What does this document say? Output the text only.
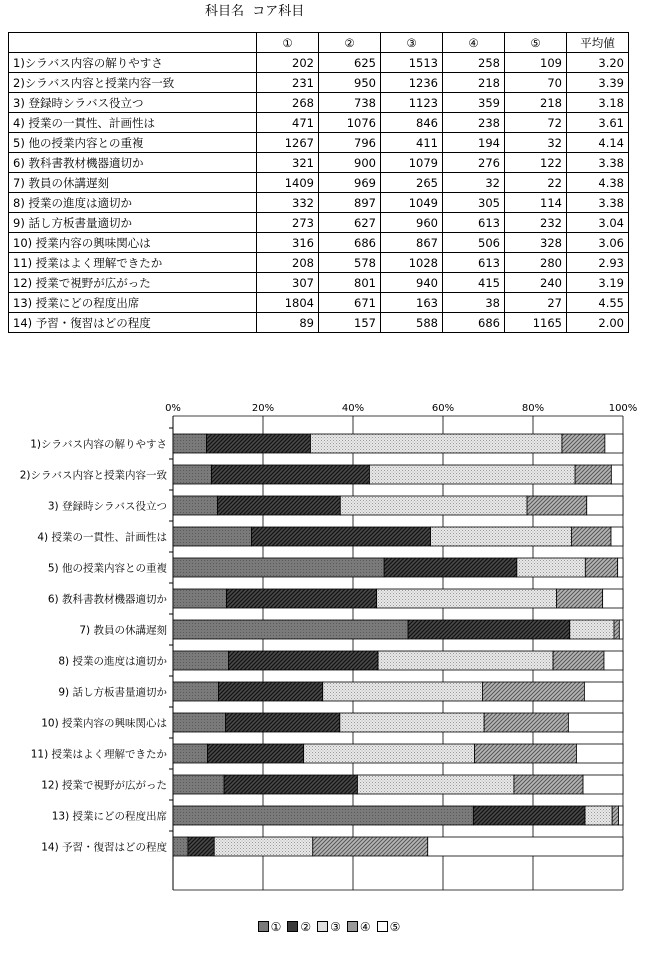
科目名 コア科目
	①	②	③	④	⑤	平均値
1)シラバス内容の解りやすさ	202	625	1513	258	109	3.20
2)シラバス内容と授業内容一致	231	950	1236	218	70	3.39
3) 登録時シラバス役立つ	268	738	1123	359	218	3.18
4) 授業の一貫性、計画性は	471	1076	846	238	72	3.61
5) 他の授業内容との重複	1267	796	411	194	32	4.14
6) 教科書教材機器適切か	321	900	1079	276	122	3.38
7) 教員の休講遅刻	1409	969	265	32	22	4.38
8) 授業の進度は適切か	332	897	1049	305	114	3.38
9) 話し方板書量適切か	273	627	960	613	232	3.04
10) 授業内容の興味関心は	316	686	867	506	328	3.06
11) 授業はよく理解できたか	208	578	1028	613	280	2.93
12) 授業で視野が広がった	307	801	940	415	240	3.19
13) 授業にどの程度出席	1804	671	163	38	27	4.55
14) 予習・復習はどの程度	89	157	588	686	1165	2.00
0%	20%	40%	60%	80%	100%
1)シラバス内容の解りやすさ
2)シラバス内容と授業内容一致
3) 登録時シラバス役立つ
4) 授業の一貫性、計画性は
5) 他の授業内容との重複
6) 教科書教材機器適切か
7) 教員の休講遅刻
8) 授業の進度は適切か
9) 話し方板書量適切か
10) 授業内容の興味関心は
11) 授業はよく理解できたか
12) 授業で視野が広がった
13) 授業にどの程度出席
14) 予習・復習はどの程度
① ② ③ ④ ⑤
